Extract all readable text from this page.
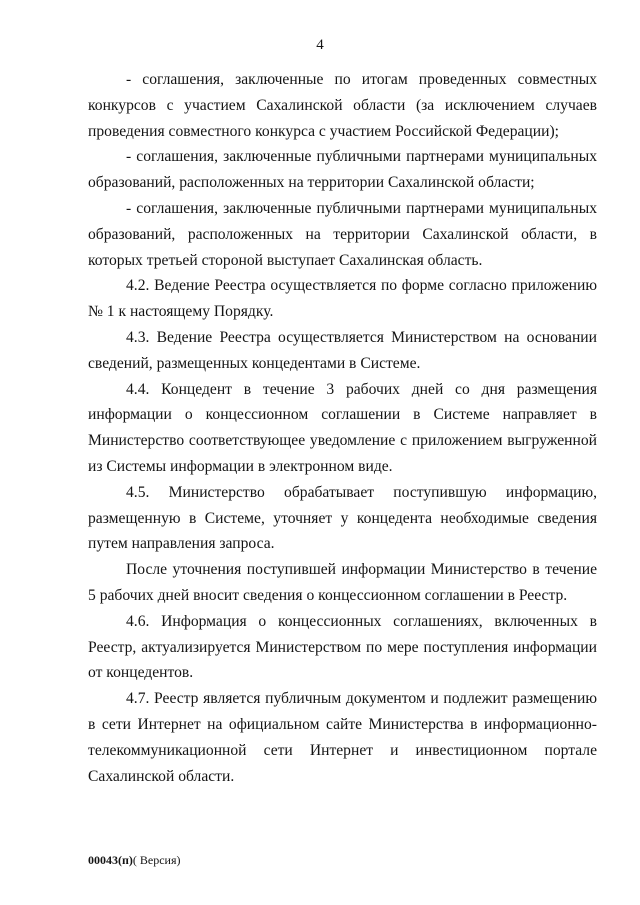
4

- соглашения, заключенные по итогам проведенных совместных конкурсов с участием Сахалинской области (за исключением случаев проведения совместного конкурса с участием Российской Федерации);

- соглашения, заключенные публичными партнерами муниципальных образований, расположенных на территории Сахалинской области;

- соглашения, заключенные публичными партнерами муниципальных образований, расположенных на территории Сахалинской области, в которых третьей стороной выступает Сахалинская область.

4.2. Ведение Реестра осуществляется по форме согласно приложению № 1 к настоящему Порядку.

4.3. Ведение Реестра осуществляется Министерством на основании сведений, размещенных концедентами в Системе.

4.4. Концедент в течение 3 рабочих дней со дня размещения информации о концессионном соглашении в Системе направляет в Министерство соответствующее уведомление с приложением выгруженной из Системы информации в электронном виде.

4.5. Министерство обрабатывает поступившую информацию, размещенную в Системе, уточняет у концедента необходимые сведения путем направления запроса.

После уточнения поступившей информации Министерство в течение 5 рабочих дней вносит сведения о концессионном соглашении в Реестр.

4.6. Информация о концессионных соглашениях, включенных в Реестр, актуализируется Министерством по мере поступления информации от концедентов.

4.7. Реестр является публичным документом и подлежит размещению в сети Интернет на официальном сайте Министерства в информационно-телекоммуникационной сети Интернет и инвестиционном портале Сахалинской области.

00043(п)( Версия)
